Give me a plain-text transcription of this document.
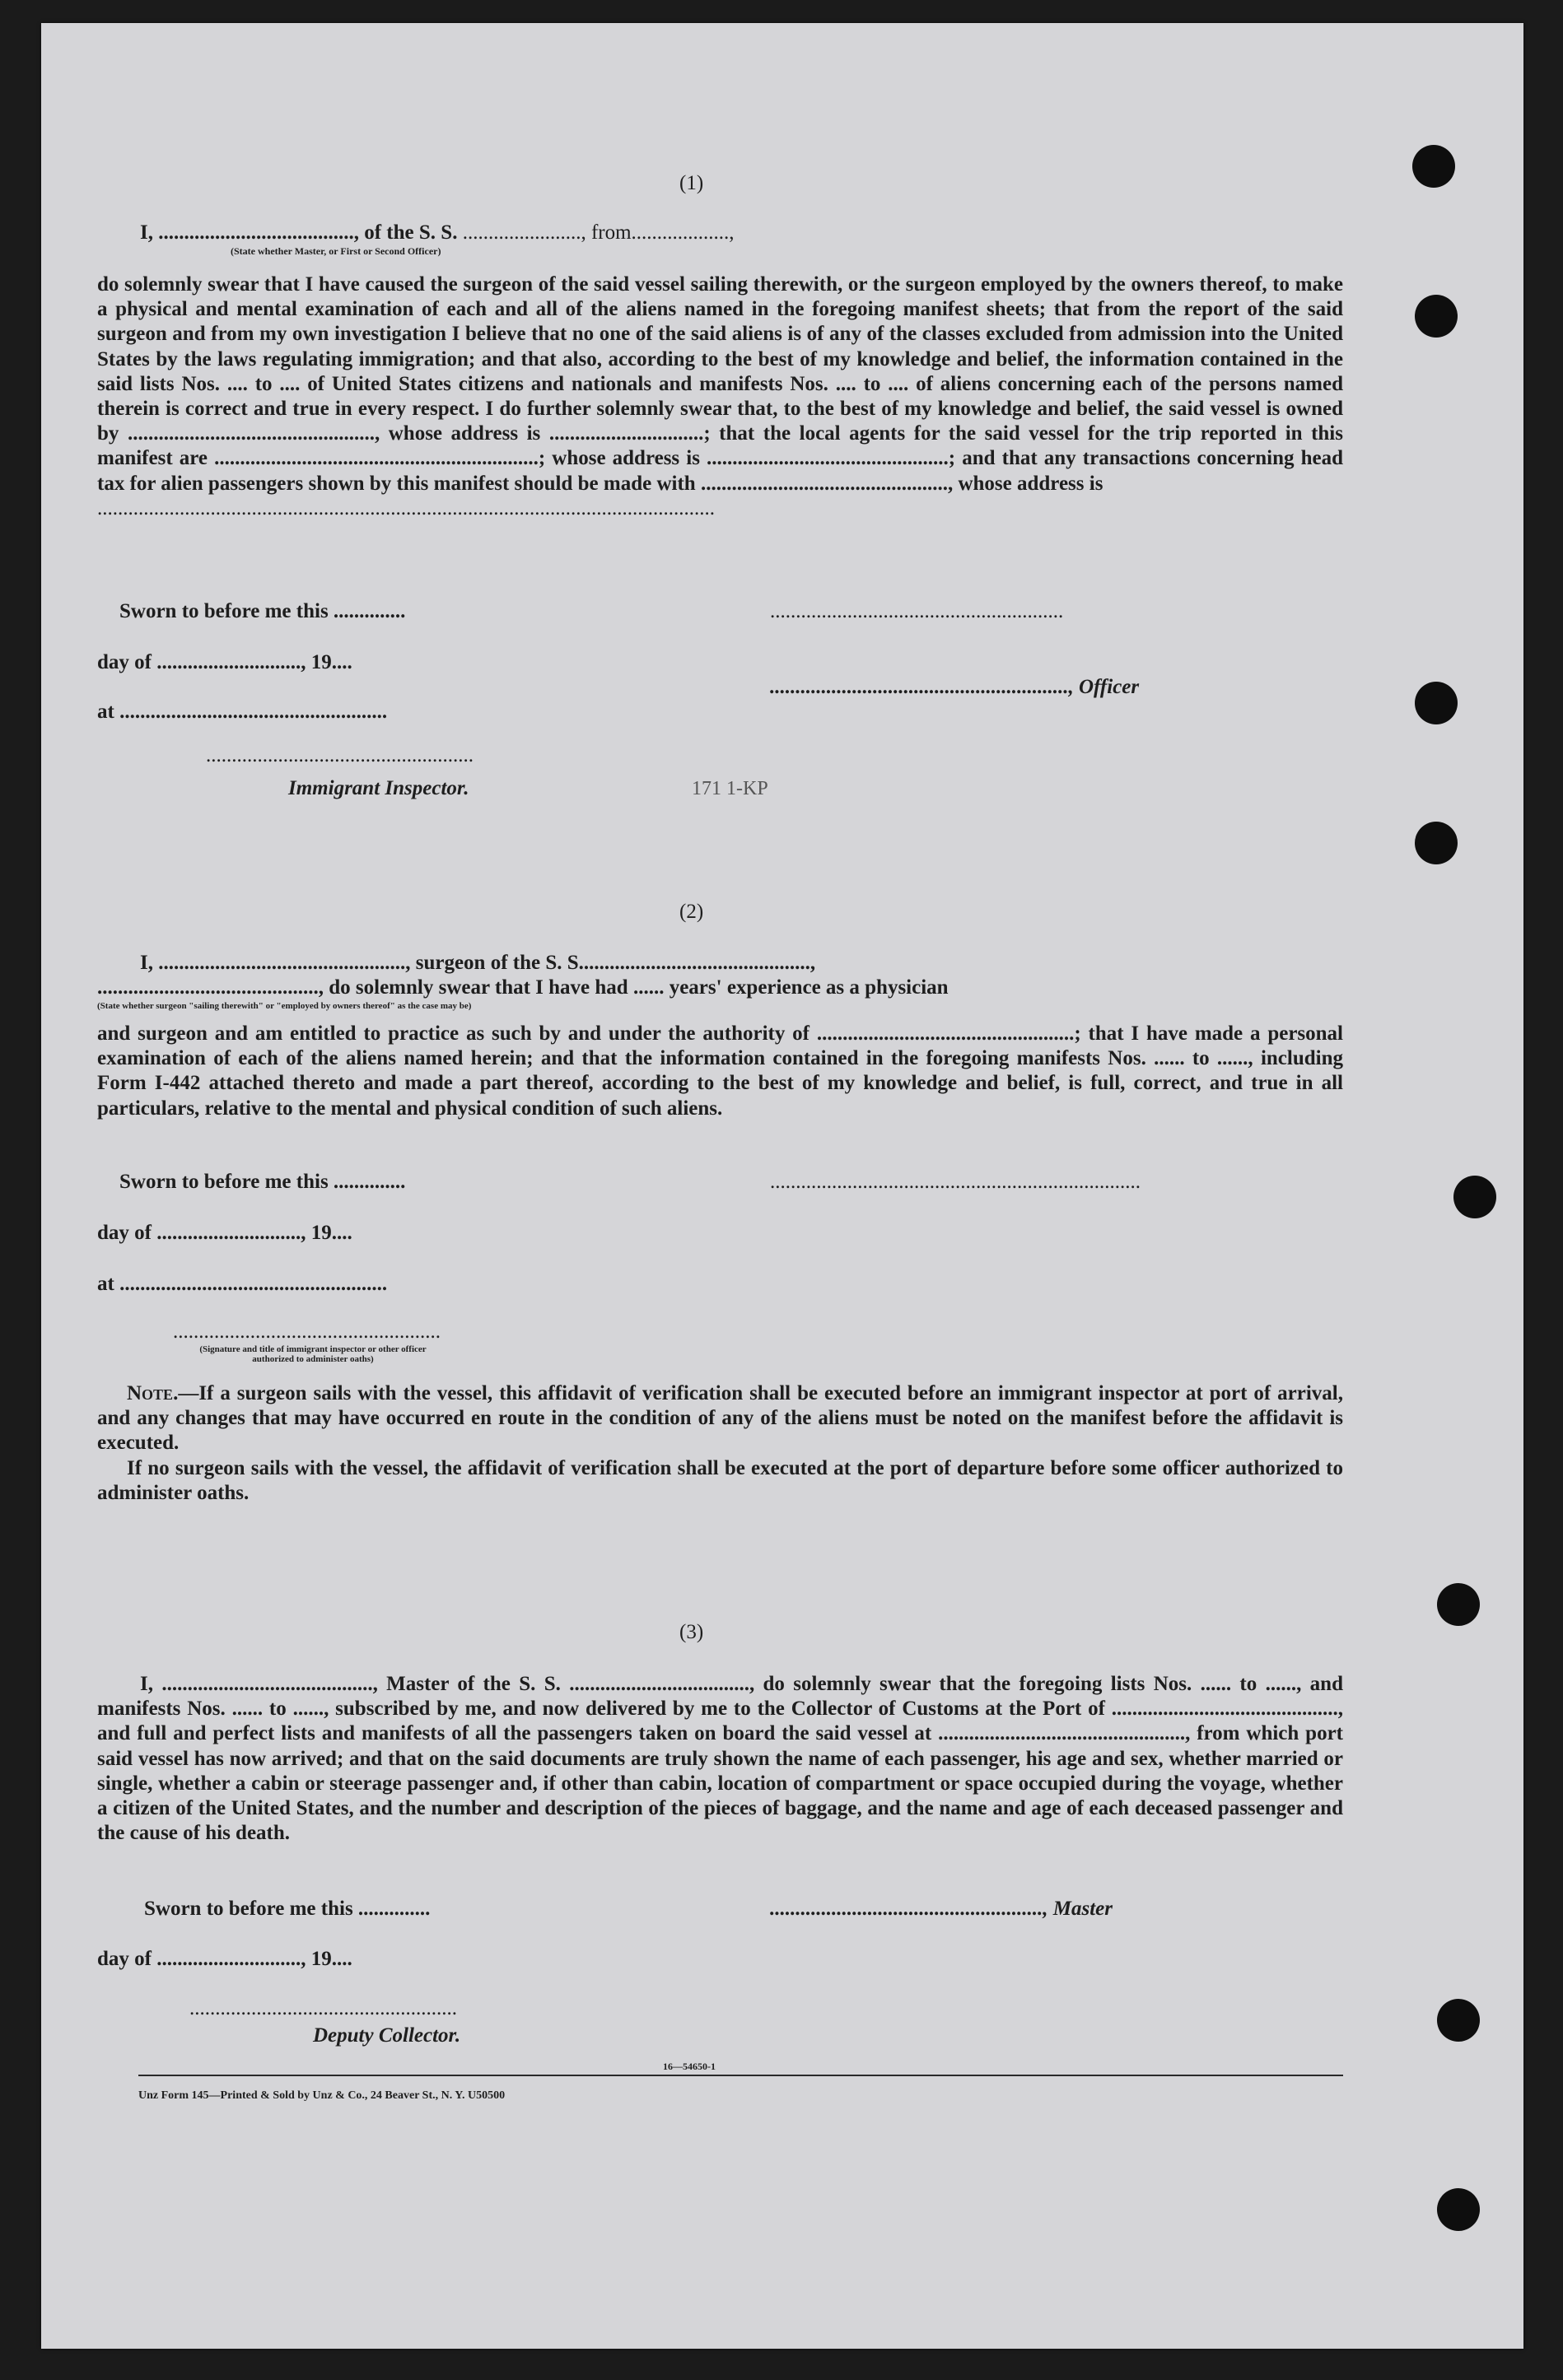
(1)
I, ......................................, of the S. S. ......................., from...................,
(State whether Master, or First or Second Officer)

do solemnly swear that I have caused the surgeon of the said vessel sailing therewith, or the surgeon employed by the owners thereof, to make a physical and mental examination of each and all of the aliens named in the foregoing manifest sheets; that from the report of the said surgeon and from my own investigation I believe that no one of the said aliens is of any of the classes excluded from admission into the United States by the laws regulating immigration; and that also, according to the best of my knowledge and belief, the information contained in the said lists Nos. .... to .... of United States citizens and nationals and manifests Nos. .... to .... of aliens concerning each of the persons named therein is correct and true in every respect. I do further solemnly swear that, to the best of my knowledge and belief, the said vessel is owned by ................................................, whose address is ..............................; that the local agents for the said vessel for the trip reported in this manifest are ...............................................................; whose address is ...............................................; and that any transactions concerning head tax for alien passengers shown by this manifest should be made with ................................................, whose address is

........................................................................................................................

Sworn to before me this ..............	.........................................................
day of ............................, 19....
.........................................................., Officer
at ....................................................
....................................................
Immigrant Inspector.	171 1-KP
(2)
I, ................................................, surgeon of the S. S.............................................,
..........................................., do solemnly swear that I have had ...... years' experience as a physician
(State whether surgeon "sailing therewith" or "employed by owners thereof" as the case may be)
and surgeon and am entitled to practice as such by and under the authority of ..................................................; that I have made a personal examination of each of the aliens named herein; and that the information contained in the foregoing manifests Nos. ...... to ......, including Form I-442 attached thereto and made a part thereof, according to the best of my knowledge and belief, is full, correct, and true in all particulars, relative to the mental and physical condition of such aliens.
Sworn to before me this ..............	........................................................................
day of ............................, 19....
at ....................................................
....................................................
(Signature and title of immigrant inspector or other officer authorized to administer oaths)

Note.—If a surgeon sails with the vessel, this affidavit of verification shall be executed before an immigrant inspector at port of arrival, and any changes that may have occurred en route in the condition of any of the aliens must be noted on the manifest before the affidavit is executed.

If no surgeon sails with the vessel, the affidavit of verification shall be executed at the port of departure before some officer authorized to administer oaths.

(3)
I, ........................................., Master of the S. S. ..................................., do solemnly swear that the foregoing lists Nos. ...... to ......, and manifests Nos. ...... to ......, subscribed by me, and now delivered by me to the Collector of Customs at the Port of ............................................, and full and perfect lists and manifests of all the passengers taken on board the said vessel at ................................................, from which port said vessel has now arrived; and that on the said documents are truly shown the name of each passenger, his age and sex, whether married or single, whether a cabin or steerage passenger and, if other than cabin, location of compartment or space occupied during the voyage, whether a citizen of the United States, and the number and description of the pieces of baggage, and the name and age of each deceased passenger and the cause of his death.
Sworn to before me this ..............	....................................................., Master
day of ............................, 19....
....................................................
Deputy Collector.
16—54650-1
Unz Form 145—Printed & Sold by Unz & Co., 24 Beaver St., N. Y. U50500
